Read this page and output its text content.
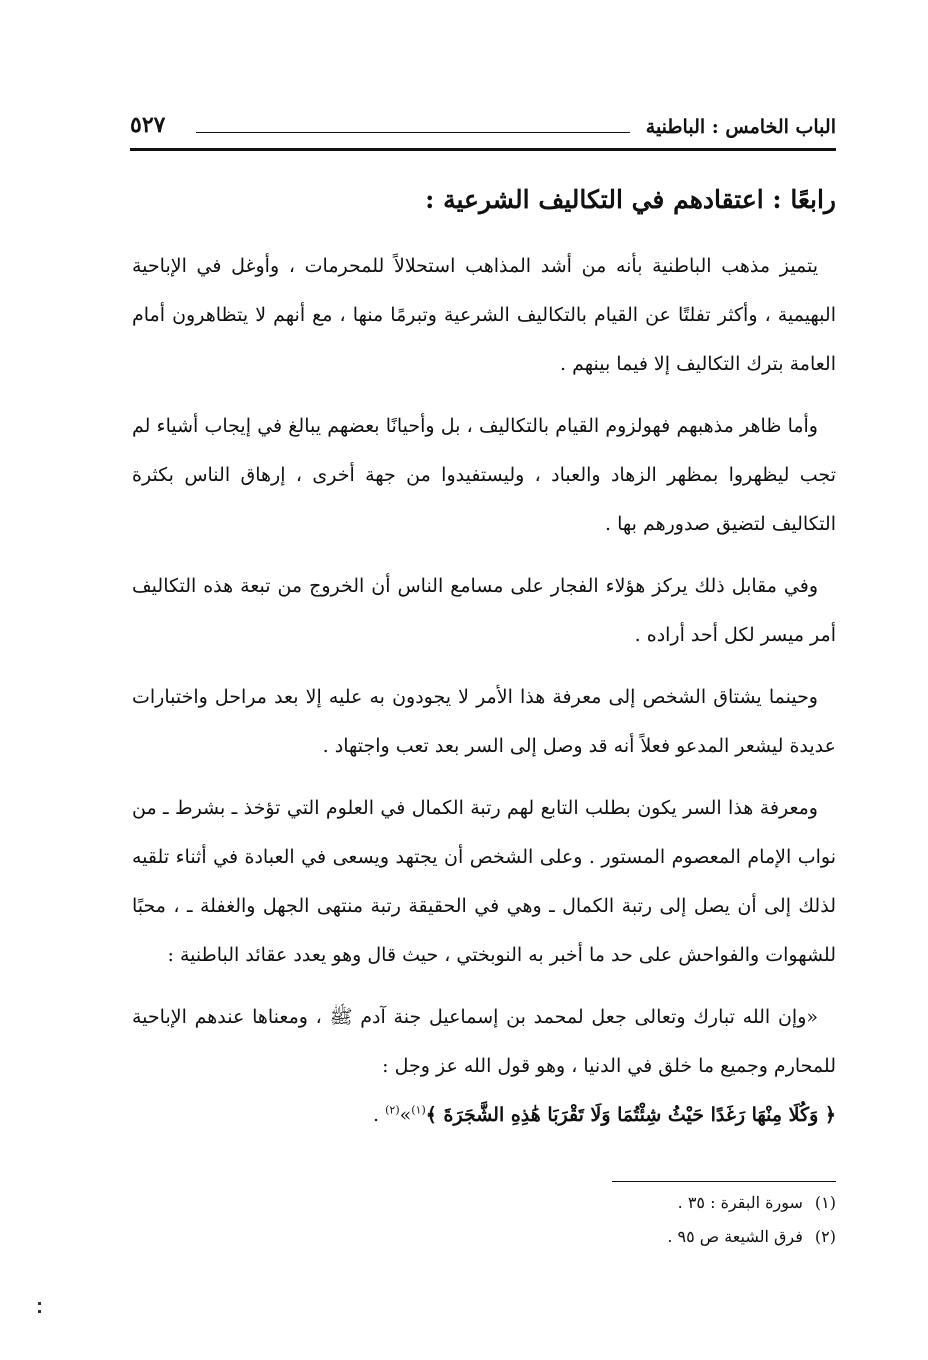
الباب الخامس : الباطنية
٥٢٧
رابعًا : اعتقادهم في التكاليف الشرعية :

يتميز مذهب الباطنية بأنه من أشد المذاهب استحلالاً للمحرمات ، وأوغل في الإباحية البهيمية ، وأكثر تفلتًا عن القيام بالتكاليف الشرعية وتبرمًا منها ، مع أنهم لا يتظاهرون أمام العامة بترك التكاليف إلا فيما بينهم .

وأما ظاهر مذهبهم فهولزوم القيام بالتكاليف ، بل وأحيانًا بعضهم يبالغ في إيجاب أشياء لم تجب ليظهروا بمظهر الزهاد والعباد ، وليستفيدوا من جهة أخرى ، إرهاق الناس بكثرة التكاليف لتضيق صدورهم بها .

وفي مقابل ذلك يركز هؤلاء الفجار على مسامع الناس أن الخروج من تبعة هذه التكاليف أمر ميسر لكل أحد أراده .

وحينما يشتاق الشخص إلى معرفة هذا الأمر لا يجودون به عليه إلا بعد مراحل واختبارات عديدة ليشعر المدعو فعلاً أنه قد وصل إلى السر بعد تعب واجتهاد .

ومعرفة هذا السر يكون بطلب التابع لهم رتبة الكمال في العلوم التي تؤخذ ـ بشرط ـ من نواب الإمام المعصوم المستور . وعلى الشخص أن يجتهد ويسعى في العبادة في أثناء تلقيه لذلك إلى أن يصل إلى رتبة الكمال ـ وهي في الحقيقة رتبة منتهى الجهل والغفلة ـ ، محبًا للشهوات والفواحش على حد ما أخبر به النوبختي ، حيث قال وهو يعدد عقائد الباطنية :

«وإن الله تبارك وتعالى جعل لمحمد بن إسماعيل جنة آدم ﷺ ، ومعناها عندهم الإباحية للمحارم وجميع ما خلق في الدنيا ، وهو قول الله عز وجل :
﴿ وَكُلَا مِنْهَا رَغَدًا حَيْثُ شِئْتُمَا وَلَا تَقْرَبَا هَٰذِهِ الشَّجَرَةَ ﴾$^{(١)}$»$^{(٢)}$ .

(١)سورة البقرة : ٣٥ .
(٢)فرق الشيعة ص ٩٥ .
